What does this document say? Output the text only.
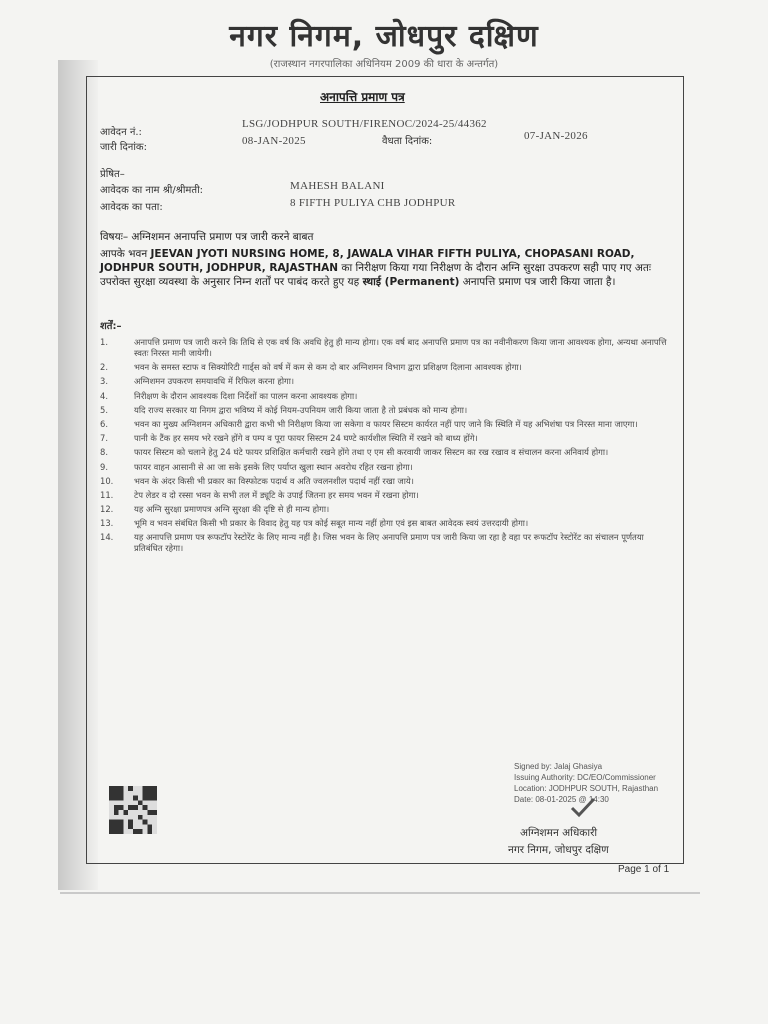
नगर निगम, जोधपुर दक्षिण
(राजस्थान नगरपालिका अधिनियम 2009 की धारा के अन्तर्गत)
अनापत्ति प्रमाण पत्र
आवेदन नं.:
LSG/JODHPUR SOUTH/FIRENOC/2024-25/44362
जारी दिनांक:
08-JAN-2025	वैधता दिनांक:	07-JAN-2026
प्रेषित–
आवेदक का नाम श्री/श्रीमती:	MAHESH BALANI
आवेदक का पता:	8 FIFTH PULIYA CHB JODHPUR
विषयः– अग्निशमन अनापत्ति प्रमाण पत्र जारी करने बाबत
आपके भवन JEEVAN JYOTI NURSING HOME, 8, JAWALA VIHAR FIFTH PULIYA, CHOPASANI ROAD, JODHPUR SOUTH, JODHPUR, RAJASTHAN का निरीक्षण किया गया निरीक्षण के दौरान अग्नि सुरक्षा उपकरण सही पाए गए अतः उपरोक्त सुरक्षा व्यवस्था के अनुसार निम्न शर्तों पर पाबंद करते हुए यह स्थाई (Permanent) अनापत्ति प्रमाण पत्र जारी किया जाता है।
शर्तें:–
1.	अनापत्ति प्रमाण पत्र जारी करने कि तिथि से एक वर्ष कि अवधि हेतु ही मान्य होगा। एक वर्ष बाद अनापत्ति प्रमाण पत्र का नवीनीकरण किया जाना आवश्यक होगा, अन्यथा अनापत्ति स्वतः निरस्त मानी जायेगी।
2.	भवन के समस्त स्टाफ व सिक्योरिटी गार्ड्स को वर्ष में कम से कम दो बार अग्निशमन विभाग द्वारा प्रशिक्षण दिलाना आवश्यक होगा।
3.	अग्निशमन उपकरण समयावधि में रिफिल करना होगा।
4.	निरीक्षण के दौरान आवश्यक दिशा निर्देशों का पालन करना आवश्यक होगा।
5.	यदि राज्य सरकार या निगम द्वारा भविष्य में कोई नियम-उपनियम जारी किया जाता है तो प्रबंधक को मान्य होगा।
6.	भवन का मुख्य अग्निशमन अधिकारी द्वारा कभी भी निरीक्षण किया जा सकेगा व फायर सिस्टम कार्यरत नहीं पाए जाने कि स्थिति में यह अभिशंषा पत्र निरस्त माना जाएगा।
7.	पानी के टैंक हर समय भरे रखने होंगे व पम्प व पूरा फायर सिस्टम 24 घण्टे कार्यशील स्थिति में रखने को बाध्य होंगे।
8.	फायर सिस्टम को चलाने हेतु 24 घंटे फायर प्रशिक्षित कर्मचारी रखने होंगे तथा ए एम सी करवायी जाकर सिस्टम का रख रखाव व संचालन करना अनिवार्य होगा।
9.	फायर वाहन आसानी से आ जा सके इसके लिए पर्याप्त खुला स्थान अवरोध रहित रखना होगा।
10.	भवन के अंदर किसी भी प्रकार का विस्फोटक पदार्थ व अति ज्वलनशील पदार्थ नहीं रखा जाये।
11.	टेप लेडर व दो रस्सा भवन के सभी तल में ड्यूटि के उपाई जितना हर समय भवन में रखना होगा।
12.	यह अग्नि सुरक्षा प्रमाणपत्र अग्नि सुरक्षा की दृष्टि से ही मान्य होगा।
13.	भूमि व भवन संबंधित किसी भी प्रकार के विवाद हेतु यह पत्र कोई सबूत मान्य नहीं होगा एवं इस बाबत आवेदक स्वयं उत्तरदायी होगा।
14.	यह अनापत्ति प्रमाण पत्र रूफटॉप रेस्टोरेंट के लिए मान्य नहीं है। जिस भवन के लिए अनापत्ति प्रमाण पत्र जारी किया जा रहा है वहा पर रूफटॉप रेस्टोरेंट का संचालन पूर्णतया प्रतिबंधित रहेगा।
Signed by: Jalaj Ghasiya
Issuing Authority: DC/EO/Commissioner
Location: JODHPUR SOUTH, Rajasthan
Date: 08-01-2025 @ 14:30
अग्निशमन अधिकारी
नगर निगम, जोधपुर दक्षिण
Page 1 of 1
